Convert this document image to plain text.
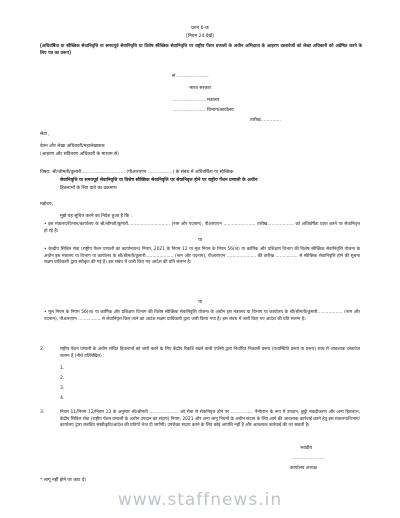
प्ररुप 6-क
[नियम 24 देखें]
[अधिवर्षिता या स्वैच्छिक सेवानिवृत्ति या समयपूर्व सेवानिवृत्ति या विशेष स्वैच्छिक सेवानिवृत्ति पर राष्ट्रीय पेंशन प्रणाली के अधीन अभिदाता के आहरण दस्तावेजों को लेखा अधिकारी को अग्रेषित करने के लिए पत्र का प्ररूप]
सं ......................
भारत सरकार
....................... मंत्रालय
....................... विभाग/कार्यालय
तारीख..............
सेवा ,
वेतन और लेखा अधिकारी/महालेखाकार
(आहरण और संवितरण अधिकारी के माध्यम से)
विषय: श्री/श्रीमती/कुमारी.............................. (पीआरएएन .................) के संबंध में अधिवर्षिता या स्वैच्छिक
सेवानिवृत्ति या समयपूर्व सेवानिवृत्ति या विशेष स्वैच्छिक सेवानिवृत्ति पर सेवानिवृत्त होने पर राष्ट्रीय पेंशन प्रणाली के अधीन
हितलाभों के लिए दावे का प्रक्रमण।
महोदय,
मुझे यह सूचित करने का निदेश हुआ है कि :
• इस मंत्रालय/विभाग/कार्यालय के श्री/श्रीमती/कुमारी.............................. (नाम और पदनाम), पीआरएएन ....................... तारीख................... को अधिवर्षिता प्राप्त करने पर सेवानिवृत्त हो रहे हैं।
या
• केन्द्रीय सिविल सेवा (राष्ट्रीय पेंशन प्रणाली का कार्यान्वयन) नियम, 2021 के नियम 12 या मूल नियम के नियम 56(ञ) या कार्मिक और प्रशिक्षण विभाग की विशेष स्वैच्छिक सेवानिवृत्ति योजना के अधीन इस मंत्रालय या विभाग या कार्यालय के श्री/श्रीमती/कुमारी.................... (नाम और पदनाम), पीआरएएन ..................... की तारीख ................ से स्वैच्छिक सेवानिवृत्ति होने की सूचना सक्षम प्राधिकारी द्वारा स्वीकृत की गई है। इस संबंध में जारी किए गए आदेश की प्रति संलग्न है।
या
• मूल नियम के नियम 56(ञ) या कार्मिक और प्रशिक्षण विभाग की विशेष स्वैच्छिक सेवानिवृत्ति योजना के अधीन इस मंत्रालय या विभाग या कार्यालय के श्री/श्रीमती/कुमारी.................. (नाम और पदनाम), पीआरएएन ................ से सेवानिवृत्त किए जाने का आदेश सक्षम प्राधिकारी द्वारा जारी किया गया है। इस संबंध में जारी किए गए आदेश की प्रति संलग्न है।
2.	राष्ट्रीय पेंशन प्रणाली के अधीन संचित हितलाभों को जारी करने के लिए केंद्रीय रिकॉर्ड रखने वाली एजेंसी द्वारा निर्धारित निकासी प्ररूप (यथास्थिति प्ररूप या प्ररूप) साथ में आवश्यक दस्तावेज संलग्न हैं (नीचे उल्लिखित) :
1.
2.
3.
4.
3.	नियम 11/नियम 12/नियम 13 के अनुसार श्री/श्रीमती ..................... को सेवा से सेवानिवृत्त होने पर ................ नैनोलाभ के रूप में उपदान, छुट्टी नकदीकरण और अन्य हितलाभ, केंद्रीय सिविल सेवा (राष्ट्रीय पेंशन प्रणाली के अधीन उपदान का संदाय) नियम, 2021 और अन्य लागू नियमों के अधीन संदाय के लिए आगे की आवश्यक कार्रवाई करने हेतु इस मंत्रालय/विभाग/कार्यालय द्वारा संबंधित संस्वीकृति/आदेश की प्रतियाँ भेज दी जाएँगी। उपरोक्त संदाय करने के लिए कोई आपत्ति नहीं है और आवश्यक कार्रवाई की जा सकती है।
भवदीय
......................
कार्यालय अध्यक्ष
* लागू नहीं होने पर काट दें।
www.staffnews.in
